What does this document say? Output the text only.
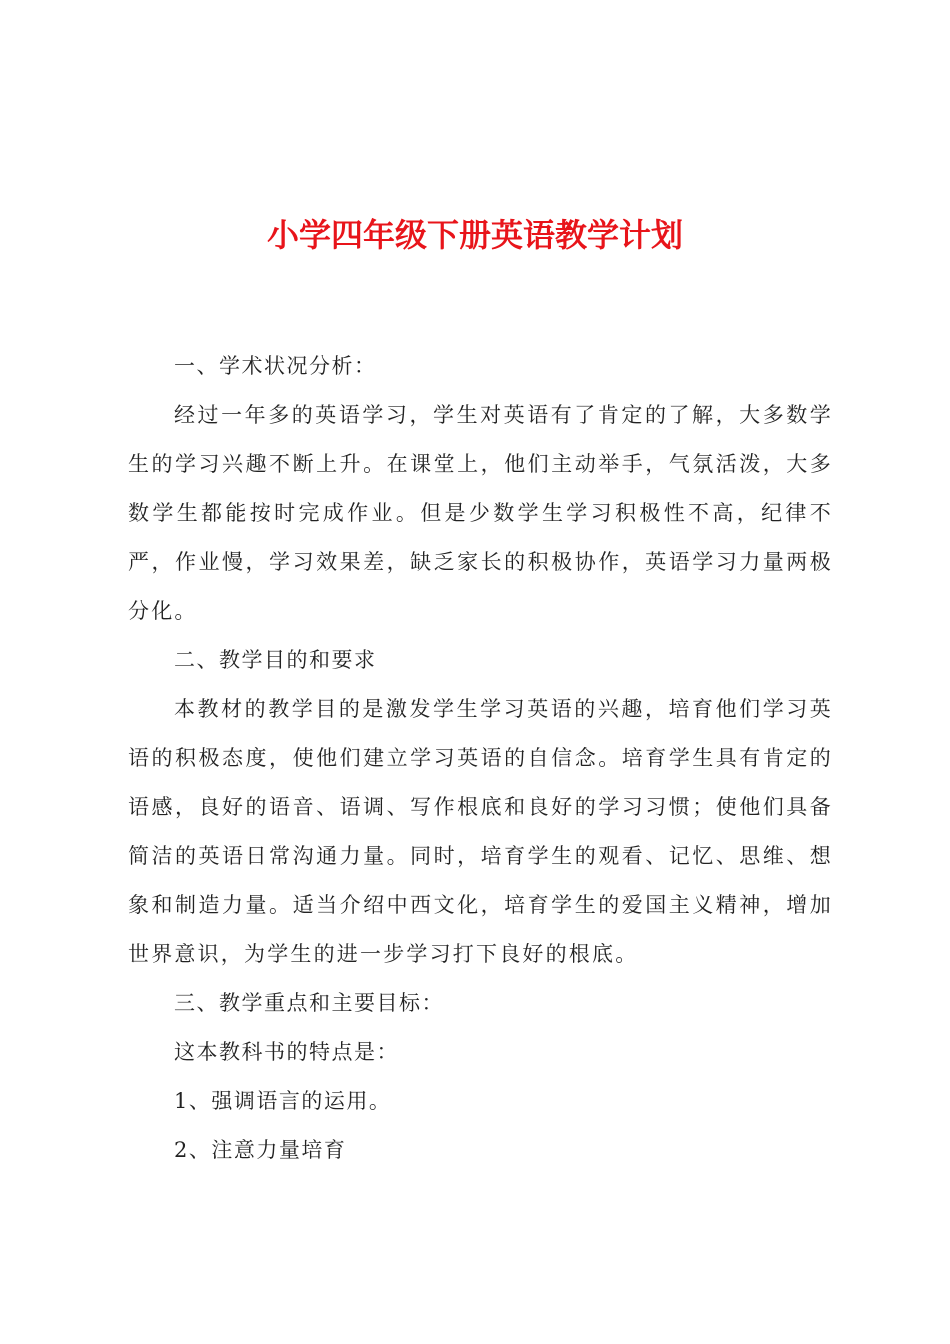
小学四年级下册英语教学计划

一、学术状况分析：

经过一年多的英语学习，学生对英语有了肯定的了解，大多数学生的学习兴趣不断上升。在课堂上，他们主动举手，气氛活泼，大多数学生都能按时完成作业。但是少数学生学习积极性不高，纪律不严，作业慢，学习效果差，缺乏家长的积极协作，英语学习力量两极分化。

二、教学目的和要求

本教材的教学目的是激发学生学习英语的兴趣，培育他们学习英语的积极态度，使他们建立学习英语的自信念。培育学生具有肯定的语感，良好的语音、语调、写作根底和良好的学习习惯；使他们具备简洁的英语日常沟通力量。同时，培育学生的观看、记忆、思维、想象和制造力量。适当介绍中西文化，培育学生的爱国主义精神，增加世界意识，为学生的进一步学习打下良好的根底。

三、教学重点和主要目标：

这本教科书的特点是：

1、强调语言的运用。

2、注意力量培育
